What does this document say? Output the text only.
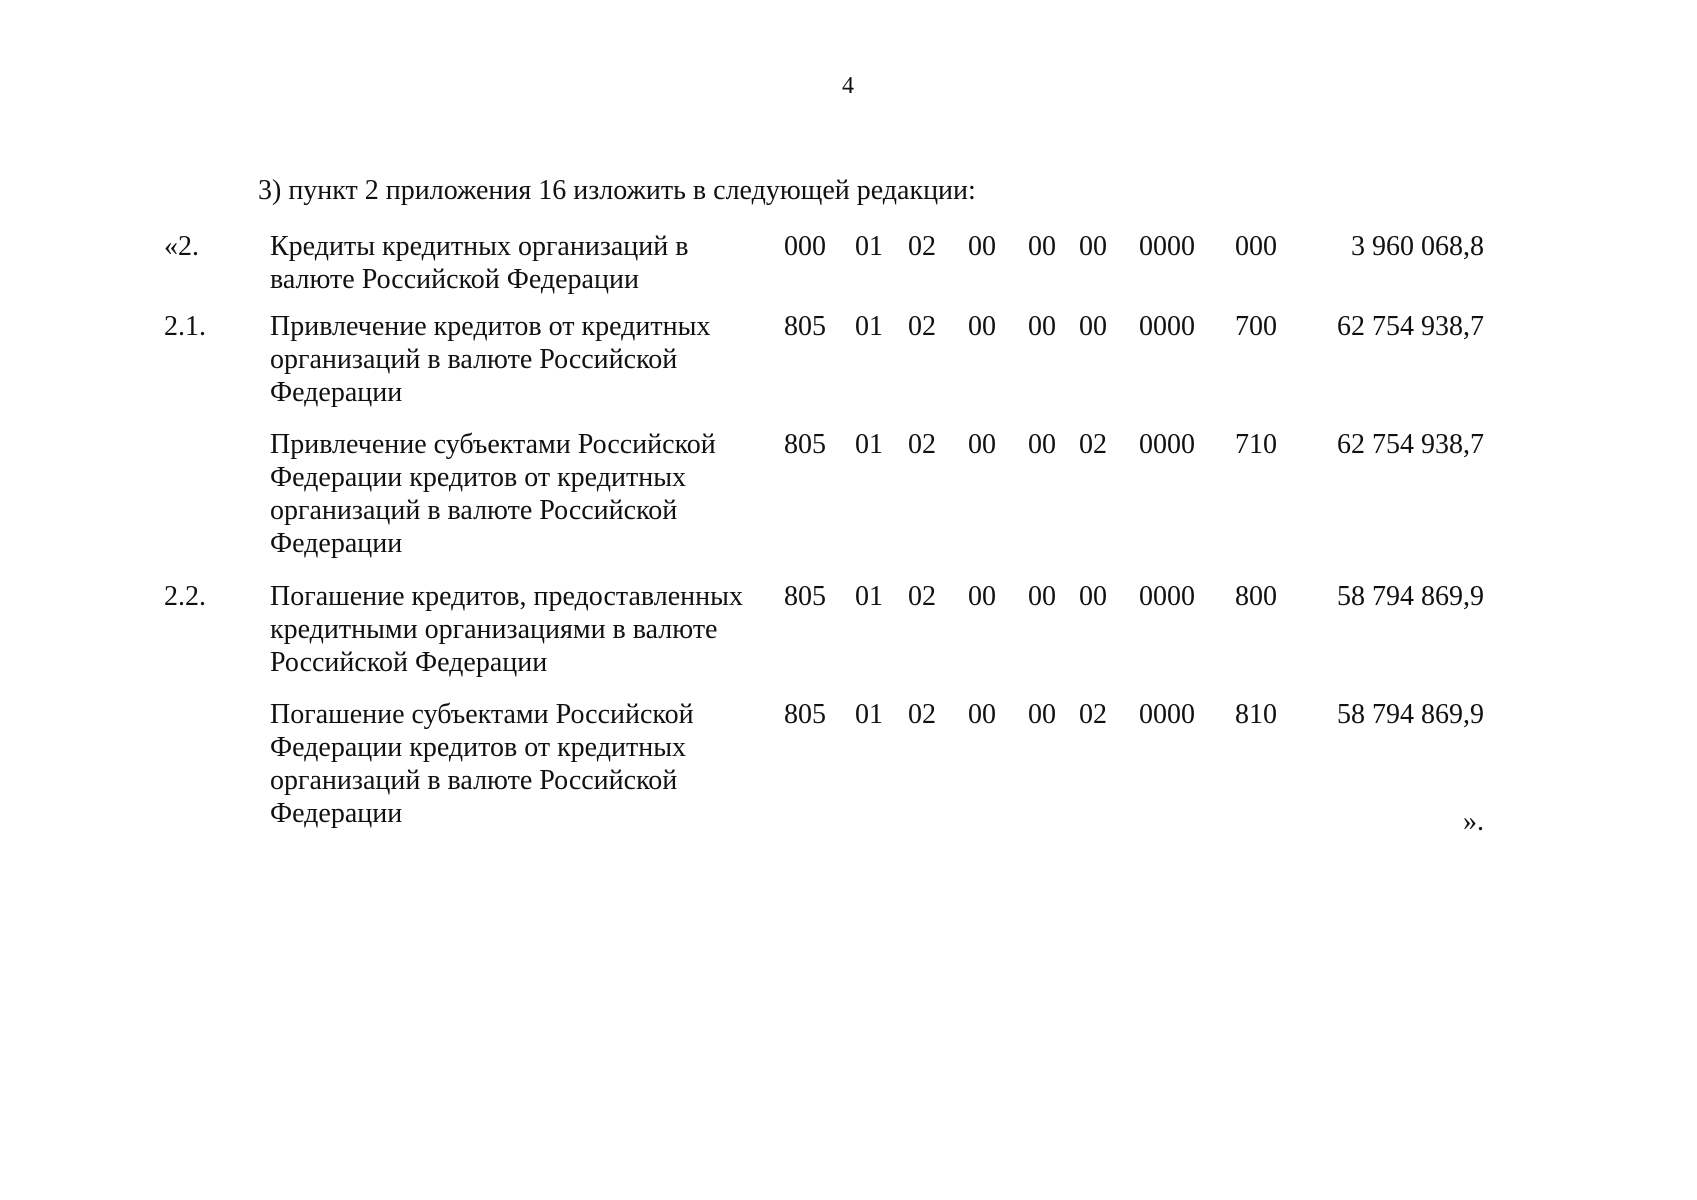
4
3) пункт 2 приложения 16 изложить в следующей редакции:
«2.	Кредиты кредитных организаций в валюте Российской Федерации
000 01 02 00 00 00 0000 000	3 960 068,8
2.1. Привлечение кредитов от кредитных организаций в валюте Российской Федерации
805 01 02 00 00 00 0000 700 62 754 938,7
Привлечение субъектами Российской Федерации кредитов от кредитных организаций в валюте Российской Федерации
805 01 02 00 00 02 0000 710 62 754 938,7
2.2. Погашение кредитов, предоставленных кредитными организациями в валюте Российской Федерации
805 01 02 00 00 00 0000 800 58 794 869,9
Погашение субъектами Российской Федерации кредитов от кредитных организаций в валюте Российской Федерации
805 01 02 00 00 02 0000 810 58 794 869,9
».
